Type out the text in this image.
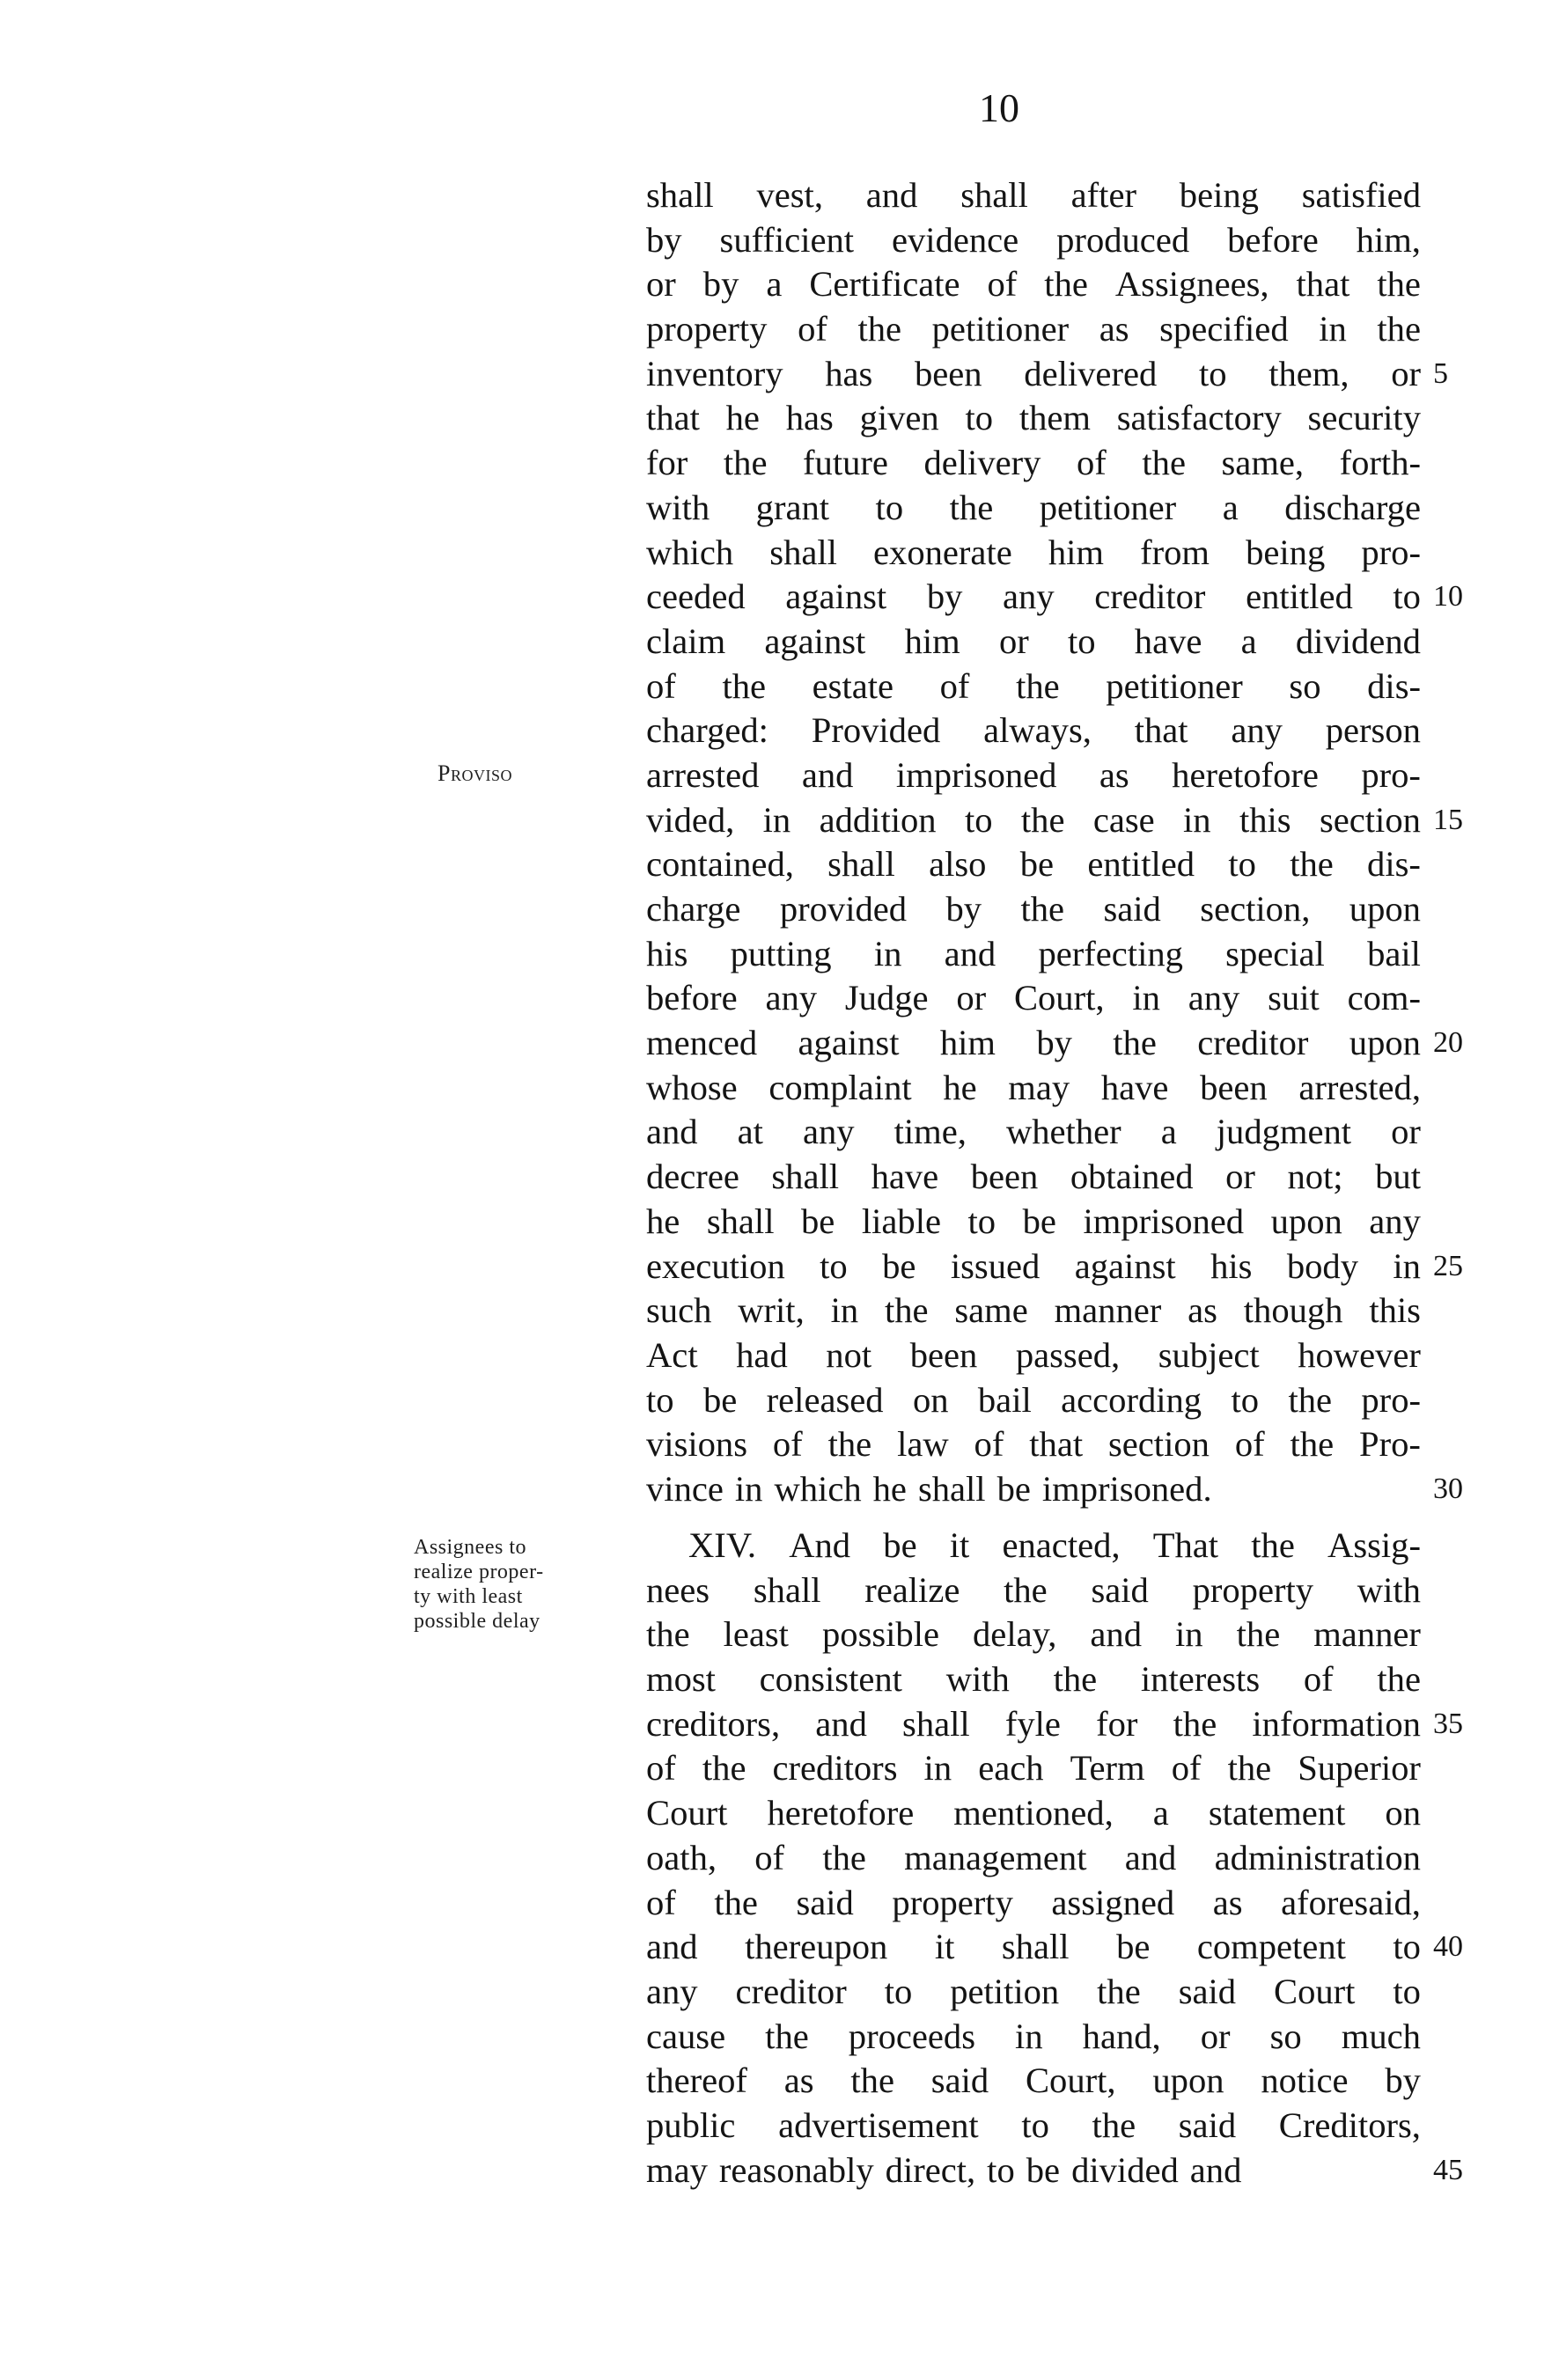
10
Proviso
Assignees to
realize proper-
ty with least
possible delay
shall vest, and shall after being satisfied
by sufficient evidence produced before him,
or by a Certificate of the Assignees, that the
property of the petitioner as specified in the
inventory has been delivered to them, or
that he has given to them satisfactory security
for the future delivery of the same, forth-
with grant to the petitioner a discharge
which shall exonerate him from being pro-
ceeded against by any creditor entitled to
claim against him or to have a dividend
of the estate of the petitioner so dis-
charged: Provided always, that any person
arrested and imprisoned as heretofore pro-
vided, in addition to the case in this section
contained, shall also be entitled to the dis-
charge provided by the said section, upon
his putting in and perfecting special bail
before any Judge or Court, in any suit com-
menced against him by the creditor upon
whose complaint he may have been arrested,
and at any time, whether a judgment or
decree shall have been obtained or not; but
he shall be liable to be imprisoned upon any
execution to be issued against his body in
such writ, in the same manner as though this
Act had not been passed, subject however
to be released on bail according to the pro-
visions of the law of that section of the Pro-
vince in which he shall be imprisoned.
XIV. And be it enacted, That the Assig-
nees shall realize the said property with
the least possible delay, and in the manner
most consistent with the interests of the
creditors, and shall fyle for the information
of the creditors in each Term of the Superior
Court heretofore mentioned, a statement on
oath, of the management and administration
of the said property assigned as aforesaid,
and thereupon it shall be competent to
any creditor to petition the said Court to
cause the proceeds in hand, or so much
thereof as the said Court, upon notice by
public advertisement to the said Creditors,
may reasonably direct, to be divided and
5
10
15
20
25
30
35
40
45
